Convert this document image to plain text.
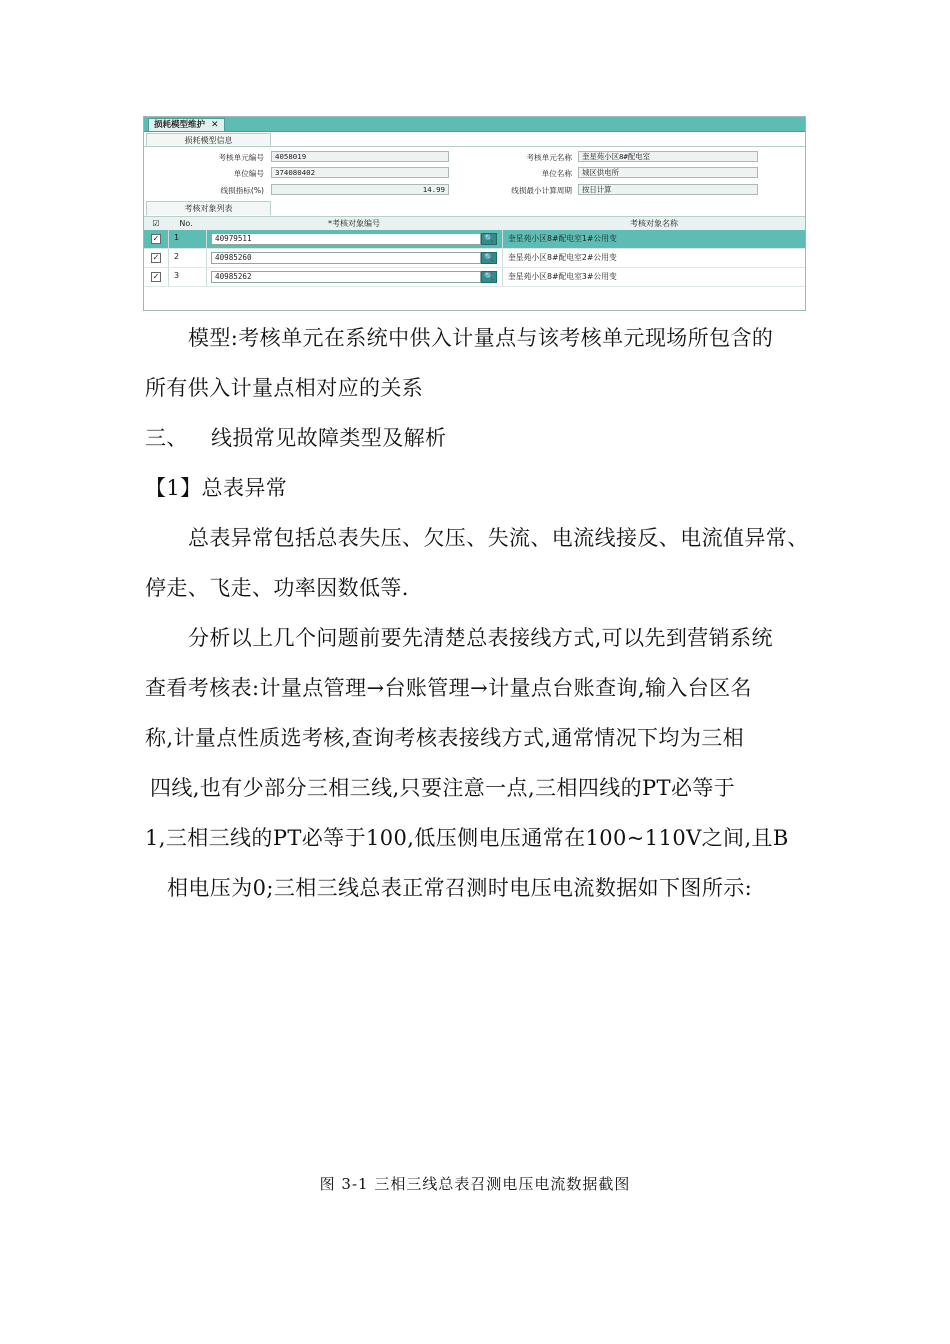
损耗模型维护 ✕
损耗模型信息
考核单元编号	4058019	考核单元名称	奎星苑小区8#配电室
单位编号	374080402	单位名称	城区供电所
线损指标(%)	14.99	线损最小计算周期	按日计算
考核对象列表
☑	No.	*考核对象编号	考核对象名称
✓ 1	40979511	🔍	奎星苑小区8#配电室1#公用变
✓ 2	40985260	🔍	奎星苑小区8#配电室2#公用变
✓ 3	40985262	🔍	奎星苑小区8#配电室3#公用变
模型:考核单元在系统中供入计量点与该考核单元现场所包含的
所有供入计量点相对应的关系
三、 线损常见故障类型及解析
【1】总表异常
总表异常包括总表失压、欠压、失流、电流线接反、电流值异常、
停走、飞走、功率因数低等.
分析以上几个问题前要先清楚总表接线方式,可以先到营销系统
查看考核表:计量点管理→台账管理→计量点台账查询,输入台区名
称,计量点性质选考核,查询考核表接线方式,通常情况下均为三相
四线,也有少部分三相三线,只要注意一点,三相四线的PT必等于
1,三相三线的PT必等于100,低压侧电压通常在100~110V之间,且B
相电压为0;三相三线总表正常召测时电压电流数据如下图所示:
图 3-1 三相三线总表召测电压电流数据截图
